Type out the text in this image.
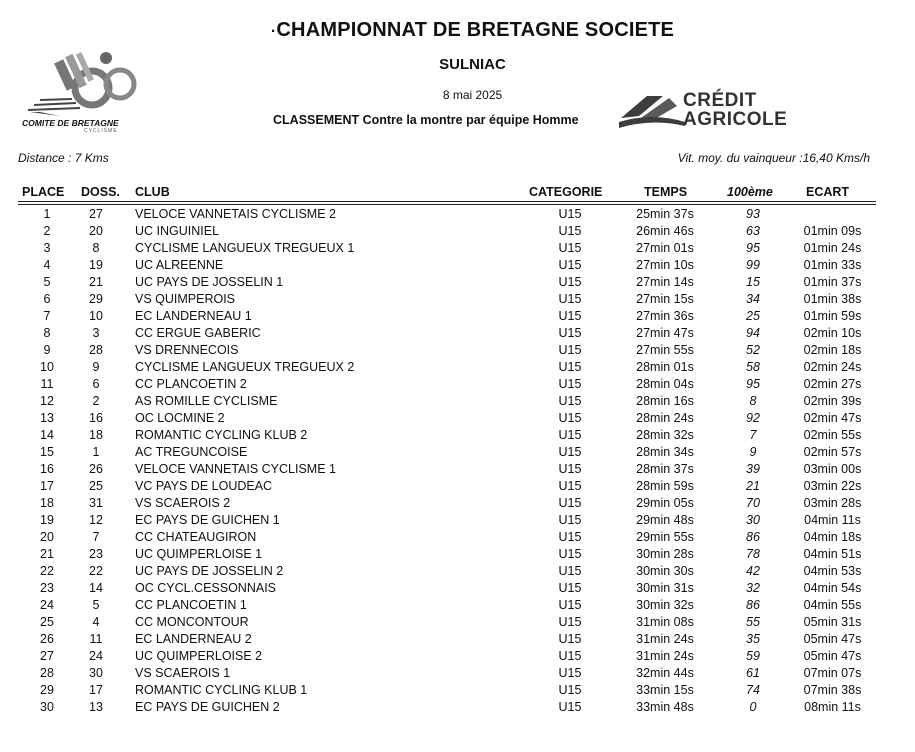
·CHAMPIONNAT DE BRETAGNE SOCIETE
SULNIAC
8 mai 2025
CLASSEMENT Contre la montre par équipe Homme
COMITE DE BRETAGNE
CYCLISME
CRÉDIT
AGRICOLE
Distance : 7 Kms	Vit. moy. du vainqueur :16,40 Kms/h
PLACE DOSS. CLUB	CATEGORIE	TEMPS	100ème	ECART
1	27	VELOCE VANNETAIS CYCLISME 2	U15	25min 37s	93
2	20	UC INGUINIEL	U15	26min 46s	63	01min 09s
3	8	CYCLISME LANGUEUX TREGUEUX 1	U15	27min 01s	95	01min 24s
4	19	UC ALREENNE	U15	27min 10s	99	01min 33s
5	21	UC PAYS DE JOSSELIN 1	U15	27min 14s	15	01min 37s
6	29	VS QUIMPEROIS	U15	27min 15s	34	01min 38s
7	10	EC LANDERNEAU 1	U15	27min 36s	25	01min 59s
8	3	CC ERGUE GABERIC	U15	27min 47s	94	02min 10s
9	28	VS DRENNECOIS	U15	27min 55s	52	02min 18s
10	9	CYCLISME LANGUEUX TREGUEUX 2	U15	28min 01s	58	02min 24s
11	6	CC PLANCOETIN 2	U15	28min 04s	95	02min 27s
12	2	AS ROMILLE CYCLISME	U15	28min 16s	8	02min 39s
13	16	OC LOCMINE 2	U15	28min 24s	92	02min 47s
14	18	ROMANTIC CYCLING KLUB 2	U15	28min 32s	7	02min 55s
15	1	AC TREGUNCOISE	U15	28min 34s	9	02min 57s
16	26	VELOCE VANNETAIS CYCLISME 1	U15	28min 37s	39	03min 00s
17	25	VC PAYS DE LOUDEAC	U15	28min 59s	21	03min 22s
18	31	VS SCAEROIS 2	U15	29min 05s	70	03min 28s
19	12	EC PAYS DE GUICHEN 1	U15	29min 48s	30	04min 11s
20	7	CC CHATEAUGIRON	U15	29min 55s	86	04min 18s
21	23	UC QUIMPERLOISE 1	U15	30min 28s	78	04min 51s
22	22	UC PAYS DE JOSSELIN 2	U15	30min 30s	42	04min 53s
23	14	OC CYCL.CESSONNAIS	U15	30min 31s	32	04min 54s
24	5	CC PLANCOETIN 1	U15	30min 32s	86	04min 55s
25	4	CC MONCONTOUR	U15	31min 08s	55	05min 31s
26	11	EC LANDERNEAU 2	U15	31min 24s	35	05min 47s
27	24	UC QUIMPERLOISE 2	U15	31min 24s	59	05min 47s
28	30	VS SCAEROIS 1	U15	32min 44s	61	07min 07s
29	17	ROMANTIC CYCLING KLUB 1	U15	33min 15s	74	07min 38s
30	13	EC PAYS DE GUICHEN 2	U15	33min 48s	0	08min 11s
